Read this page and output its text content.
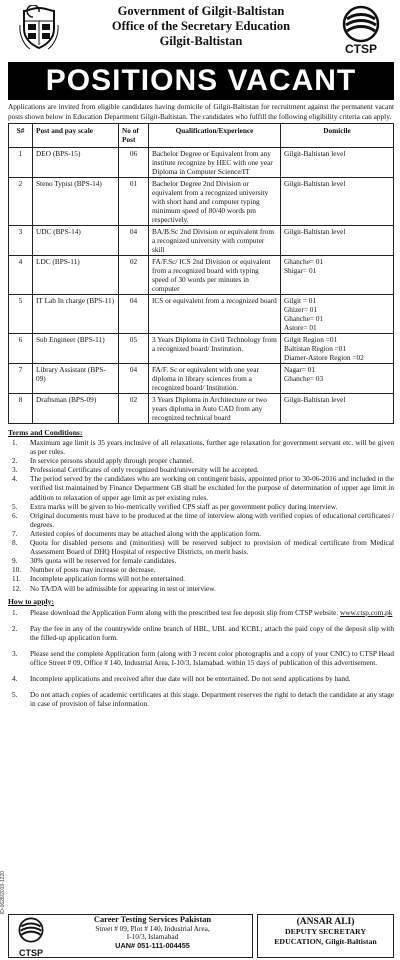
Government of Gilgit-Baltistan
Office of the Secretary Education
Gilgit-Baltistan
CTSP
POSITIONS VACANT

Applications are invited from eligible candidates having domicile of Gilgit-Baltistan for recruitment against the permanent vacant posts shown below in Education Department Gilgit-Baltistan. The candidates who fulfill the following eligibility criteria can apply.

S#	Post and pay scale	No of Post	Qualification/Experience	Domicile
1	DEO (BPS-15)	06	Bachelor Degree or Equivalent from any institute recognize by HEC with one year Diploma in Computer Science/IT	Gilgit-Baltistan level
2	Steno Typist (BPS-14)	01	Bachelor Degree 2nd Division or equivalent from a recognized university with short hand and computer typing minimum speed of 80/40 words pm respectively.	Gilgit-Baltistan level
3	UDC (BPS-14)	04	BA/B.Sc 2nd Division or equivalent from a recognized university with computer skill	Gilgit-Baltistan level
4	LDC (BPS-11)	02	FA/F.Sc/ ICS 2nd Division or equivalent from a recognized board with typing speed of 30 words per minutes in computer	Ghanche= 01
Shigar= 01
5	IT Lab In charge (BPS-11)	04	ICS or equivalent from a recognized board	Gilgit = 01
Ghizer= 01
Ghanche= 01
Astore= 01
6	Sub Engineer (BPS-11)	05	3 Years Diploma in Civil Technology from a recognized board/ Institution.	Gilgit Region =01
Baltistan Region =01
Diamer-Astore Region =02
7	Library Assistant (BPS-09)	04	FA/F. Sc or equivalent with one year diploma in library sciences from a recognized board/ Institution.	Nagar= 01
Ghanche= 03
8	Draftsman (BPS-09)	02	3 Years Diploma in Architecture or two years diploma in Auto CAD from any recognized technical board	Gilgit-Baltistan level
Terms and Conditions:
1.	Maximum age limit is 35 years inclusive of all relaxations, further age relaxation for government servant etc. will be given as per rules.
2.	In service persons should apply through proper channel.
3.	Professional Certificates of only recognized board/university will be accepted.
4.	The period served by the candidates who are working on contingent basis, appointed prior to 30-06-2016 and included in the verified list maintained by Finance Department GB shall be excluded for the purpose of determination of upper age limit in addition to relaxation of upper age limit as per existing rules.
5.	Extra marks will be given to bio-metrically verified CPS staff as per government policy during interview.
6.	Original documents must have to be produced at the time of interview along with verified copies of educational certificates / degrees.
7.	Attested copies of documents may be attached along with the application form.
8.	Quota for disabled persons and (minorities) will be reserved subject to provision of medical certificate from Medical Assessment Board of DHQ Hospital of respective Districts, on merit basis.
9.	30% quota will be reserved for female candidates.
10.	Number of posts may increase or decrease.
11.	Incomplete application forms will not be entertained.
12.	No TA/DA will be admissible for appearing in test or interview.
How to apply:
1.	Please download the Application Form along with the prescribed test fee deposit slip from CTSP website. www.ctsp.com.pk
2.	Pay the fee in any of the countrywide online branch of HBL, UBL and KCBL; attach the paid copy of the deposit slip with the filled-up application form.
3.	Please send the complete Application form (along with 3 recent color photographs and a copy of your CNIC) to CTSP Head office Street # 09, Office # 140, Industrial Area, I-10/3, Islamabad. within 15 days of publication of this advertisement.
4.	Incomplete applications and received after due date will not be entertained. Do not send applications by hand.
5.	Do not attach copies of academic certificates at this stage. Department reserves the right to detach the candidate at any stage in case of provision of false information.
ID-0628/2019-1220
CTSP
Career Testing Services Pakistan
Street # 09, Plot # 140, Industrial Area,
I-10/3, Islamabad
UAN# 051-111-004455
(ANSAR ALI)
DEPUTY SECRETARY
EDUCATION, Gilgit-Baltistan
